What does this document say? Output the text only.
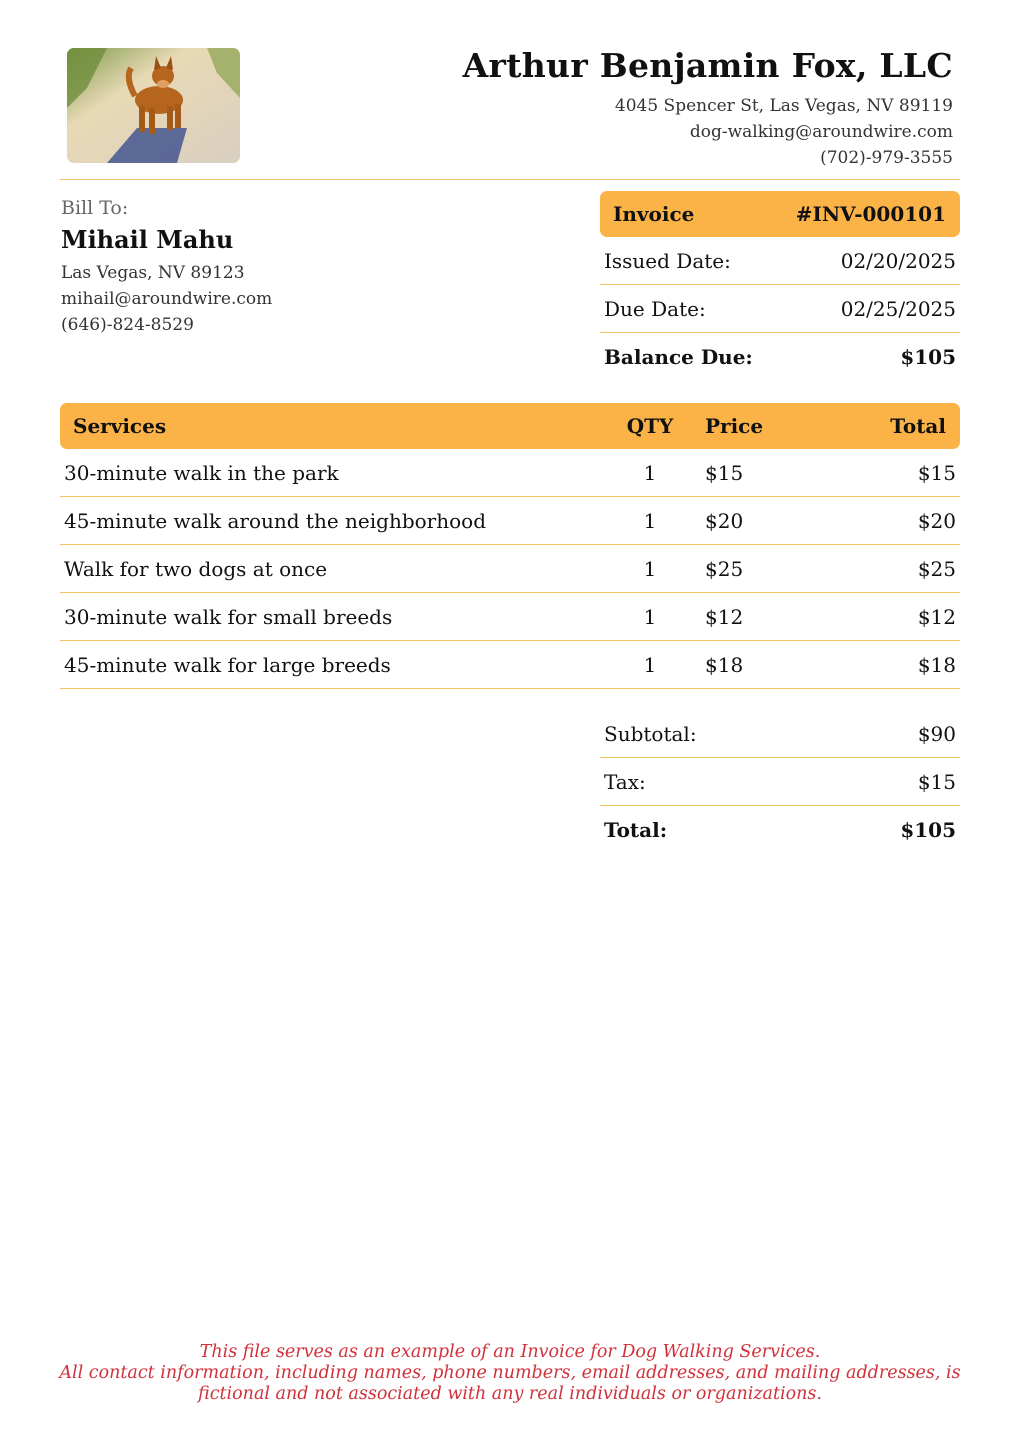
Arthur Benjamin Fox, LLC
4045 Spencer St, Las Vegas, NV 89119
dog-walking@aroundwire.com
(702)-979-3555
Bill To:
Mihail Mahu
Las Vegas, NV 89123
mihail@aroundwire.com
(646)-824-8529
Invoice	#INV-000101
Issued Date:	02/20/2025
Due Date:	02/25/2025
Balance Due:	$105
Services	QTY	Price	Total
30-minute walk in the park	1	$15	$15
45-minute walk around the neighborhood	1	$20	$20
Walk for two dogs at once	1	$25	$25
30-minute walk for small breeds	1	$12	$12
45-minute walk for large breeds	1	$18	$18
Subtotal:	$90
Tax:	$15
Total:	$105
This file serves as an example of an Invoice for Dog Walking Services.
All contact information, including names, phone numbers, email addresses, and mailing addresses, is
fictional and not associated with any real individuals or organizations.
